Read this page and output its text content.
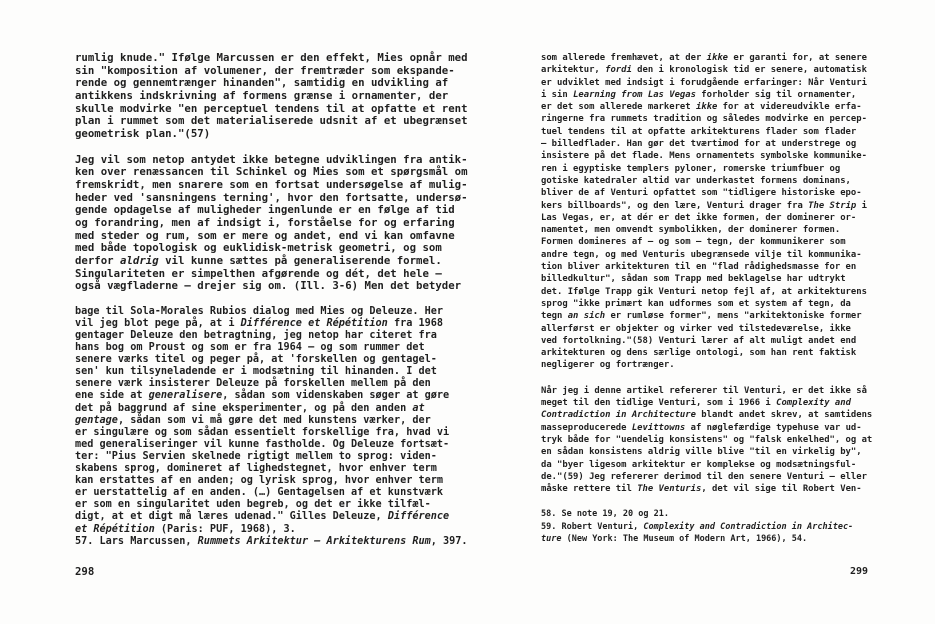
rumlig knude." Ifølge Marcussen er den effekt, Mies opnår med
sin "komposition af volumener, der fremtræder som ekspande-
rende og gennemtrænger hinanden", samtidig en udvikling af
antikkens indskrivning af formens grænse i ornamenter, der
skulle modvirke "en perceptuel tendens til at opfatte et rent
plan i rummet som det materialiserede udsnit af et ubegrænset
geometrisk plan."(57)
Jeg vil som netop antydet ikke betegne udviklingen fra antik-
ken over renæssancen til Schinkel og Mies som et spørgsmål om
fremskridt, men snarere som en fortsat undersøgelse af mulig-
heder ved 'sansningens terning', hvor den fortsatte, undersø-
gende opdagelse af muligheder ingenlunde er en følge af tid
og forandring, men af indsigt i, forståelse for og erfaring
med steder og rum, som er mere og andet, end vi kan omfavne
med både topologisk og euklidisk-metrisk geometri, og som
derfor aldrig vil kunne sættes på generaliserende formel.
Singulariteten er simpelthen afgørende og dét, det hele —
også vægfladerne — drejer sig om. (Ill. 3-6) Men det betyder
bage til Sola-Morales Rubios dialog med Mies og Deleuze. Her
vil jeg blot pege på, at i Différence et Répétition fra 1968
gentager Deleuze den betragtning, jeg netop har citeret fra
hans bog om Proust og som er fra 1964 — og som rummer det
senere værks titel og peger på, at 'forskellen og gentagel-
sen' kun tilsyneladende er i modsætning til hinanden. I det
senere værk insisterer Deleuze på forskellen mellem på den
ene side at generalisere, sådan som videnskaben søger at gøre
det på baggrund af sine eksperimenter, og på den anden at
gentage, sådan som vi må gøre det med kunstens værker, der
er singulære og som sådan essentielt forskellige fra, hvad vi
med generaliseringer vil kunne fastholde. Og Deleuze fortsæt-
ter: "Pius Servien skelnede rigtigt mellem to sprog: viden-
skabens sprog, domineret af lighedstegnet, hvor enhver term
kan erstattes af en anden; og lyrisk sprog, hvor enhver term
er uerstattelig af en anden. (…) Gentagelsen af et kunstværk
er som en singularitet uden begreb, og det er ikke tilfæl-
digt, at et digt må læres udenad." Gilles Deleuze, Différence
et Répétition (Paris: PUF, 1968), 3.
57. Lars Marcussen, Rummets Arkitektur — Arkitekturens Rum, 397.
som allerede fremhævet, at der ikke er garanti for, at senere
arkitektur, fordi den i kronologisk tid er senere, automatisk
er udviklet med indsigt i forudgående erfaringer: Når Venturi
i sin Learning from Las Vegas forholder sig til ornamenter,
er det som allerede markeret ikke for at videreudvikle erfa-
ringerne fra rummets tradition og således modvirke en percep-
tuel tendens til at opfatte arkitekturens flader som flader
— billedflader. Han gør det tværtimod for at understrege og
insistere på det flade. Mens ornamentets symbolske kommunike-
ren i egyptiske templers pyloner, romerske triumfbuer og
gotiske katedraler altid var underkastet formens dominans,
bliver de af Venturi opfattet som "tidligere historiske epo-
kers billboards", og den lære, Venturi drager fra The Strip i
Las Vegas, er, at dér er det ikke formen, der dominerer or-
namentet, men omvendt symbolikken, der dominerer formen.
Formen domineres af — og som — tegn, der kommunikerer som
andre tegn, og med Venturis ubegrænsede vilje til kommunika-
tion bliver arkitekturen til en "flad rådighedsmasse for en
billedkultur", sådan som Trapp med beklagelse har udtrykt
det. Ifølge Trapp gik Venturi netop fejl af, at arkitekturens
sprog "ikke primært kan udformes som et system af tegn, da
tegn an sich er rumløse former", mens "arkitektoniske former
allerførst er objekter og virker ved tilstedeværelse, ikke
ved fortolkning."(58) Venturi lærer af alt muligt andet end
arkitekturen og dens særlige ontologi, som han rent faktisk
negligerer og fortrænger.
Når jeg i denne artikel refererer til Venturi, er det ikke så
meget til den tidlige Venturi, som i 1966 i Complexity and
Contradiction in Architecture blandt andet skrev, at samtidens
masseproducerede Levittowns af nøglefærdige typehuse var ud-
tryk både for "uendelig konsistens" og "falsk enkelhed", og at
en sådan konsistens aldrig ville blive "til en virkelig by",
da "byer ligesom arkitektur er komplekse og modsætningsful-
de."(59) Jeg refererer derimod til den senere Venturi — eller
måske rettere til The Venturis, det vil sige til Robert Ven-
58. Se note 19, 20 og 21.
59. Robert Venturi, Complexity and Contradiction in Architec-
ture (New York: The Museum of Modern Art, 1966), 54.
298	299
